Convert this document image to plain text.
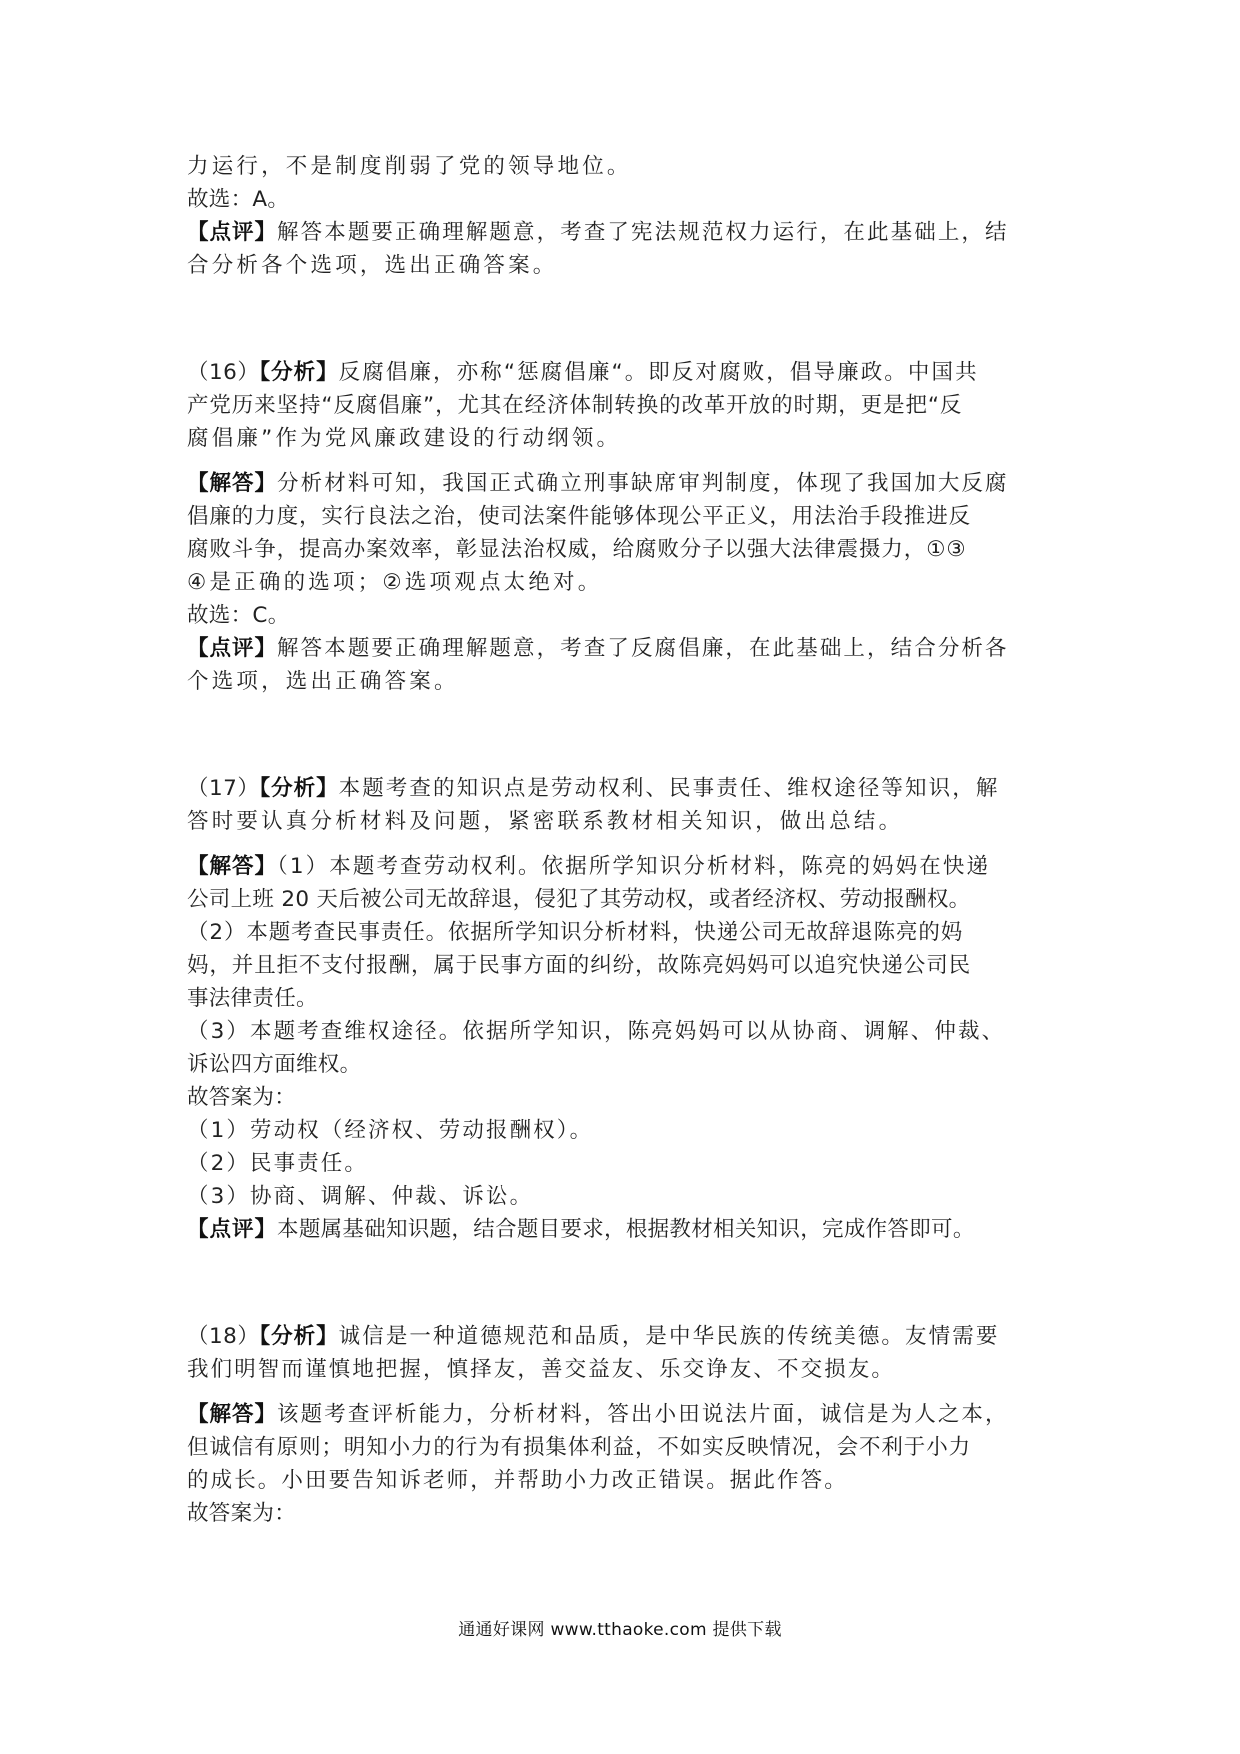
力运行，不是制度削弱了党的领导地位。
故选：A。
【点评】解答本题要正确理解题意，考查了宪法规范权力运行，在此基础上，结
合分析各个选项，选出正确答案。
（16）【分析】反腐倡廉，亦称“惩腐倡廉“。即反对腐败，倡导廉政。中国共
产党历来坚持“反腐倡廉”，尤其在经济体制转换的改革开放的时期，更是把“反
腐倡廉”作为党风廉政建设的行动纲领。
【解答】分析材料可知，我国正式确立刑事缺席审判制度，体现了我国加大反腐
倡廉的力度，实行良法之治，使司法案件能够体现公平正义，用法治手段推进反
腐败斗争，提高办案效率，彰显法治权威，给腐败分子以强大法律震摄力，①③
④是正确的选项；②选项观点太绝对。
故选：C。
【点评】解答本题要正确理解题意，考查了反腐倡廉，在此基础上，结合分析各
个选项，选出正确答案。
（17）【分析】本题考查的知识点是劳动权利、民事责任、维权途径等知识，解
答时要认真分析材料及问题，紧密联系教材相关知识，做出总结。
【解答】（1）本题考查劳动权利。依据所学知识分析材料，陈亮的妈妈在快递
公司上班 20 天后被公司无故辞退，侵犯了其劳动权，或者经济权、劳动报酬权。
（2）本题考查民事责任。依据所学知识分析材料，快递公司无故辞退陈亮的妈
妈，并且拒不支付报酬，属于民事方面的纠纷，故陈亮妈妈可以追究快递公司民
事法律责任。
（3）本题考查维权途径。依据所学知识，陈亮妈妈可以从协商、调解、仲裁、
诉讼四方面维权。
故答案为：
（1）劳动权（经济权、劳动报酬权）。
（2）民事责任。
（3）协商、调解、仲裁、诉讼。
【点评】本题属基础知识题，结合题目要求，根据教材相关知识，完成作答即可。
（18）【分析】诚信是一种道德规范和品质，是中华民族的传统美德。友情需要
我们明智而谨慎地把握，慎择友，善交益友、乐交诤友、不交损友。
【解答】该题考查评析能力，分析材料，答出小田说法片面，诚信是为人之本，
但诚信有原则；明知小力的行为有损集体利益，不如实反映情况，会不利于小力
的成长。小田要告知诉老师，并帮助小力改正错误。据此作答。
故答案为：
通通好课网 www.tthaoke.com 提供下载
